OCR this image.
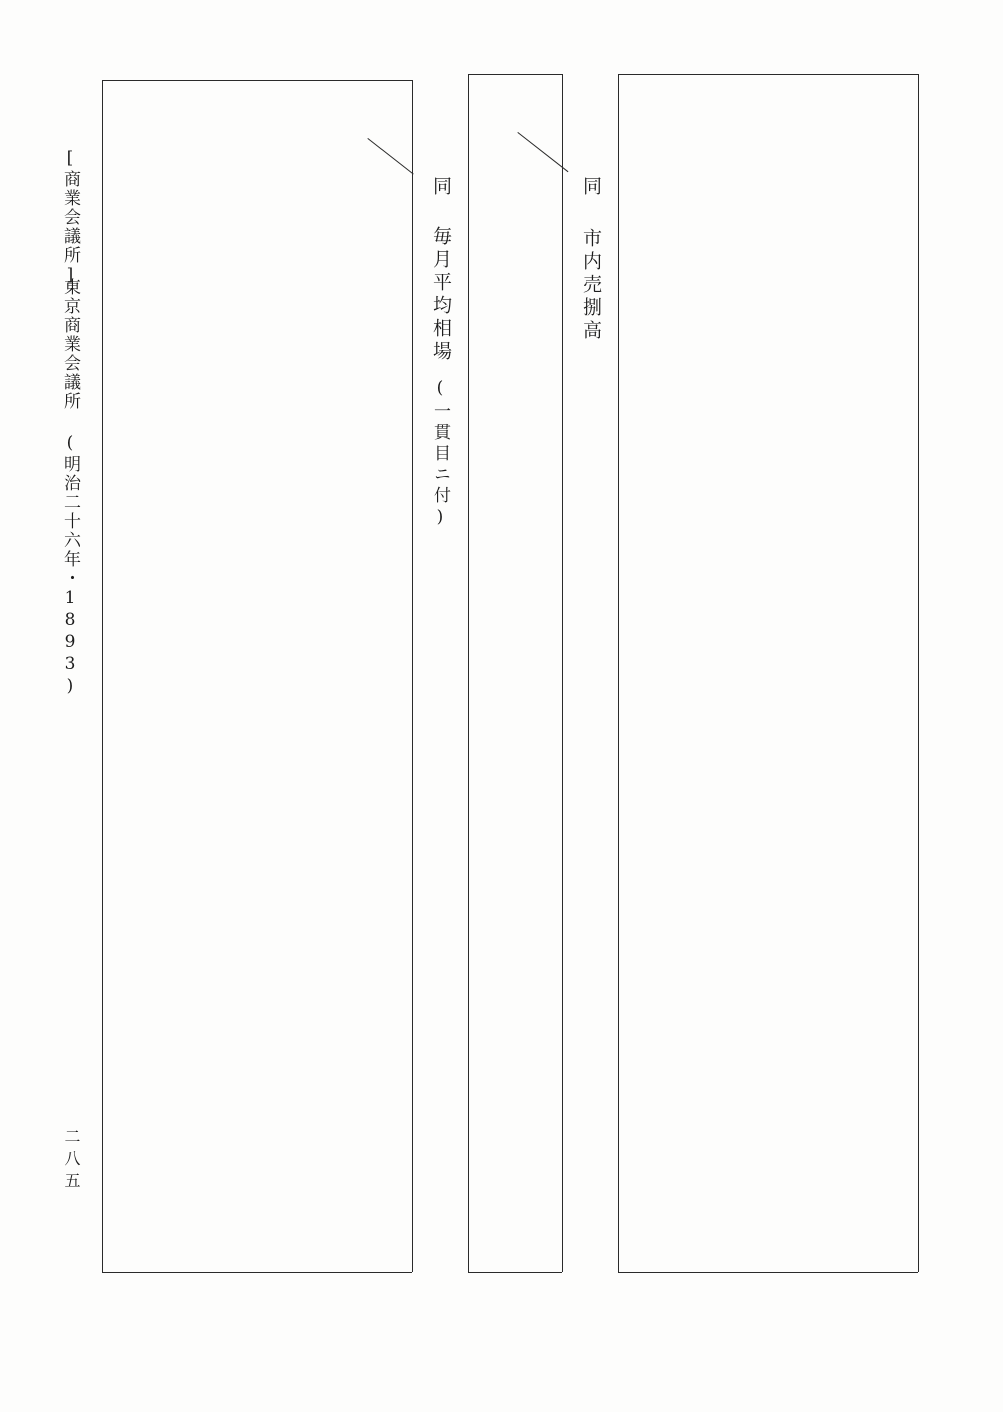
同
市内売捌高
同
毎月平均相場
(一貫目ニ付)
[商業会議所]
東京商業会議所 (明治二十六年・1893)
二八五
